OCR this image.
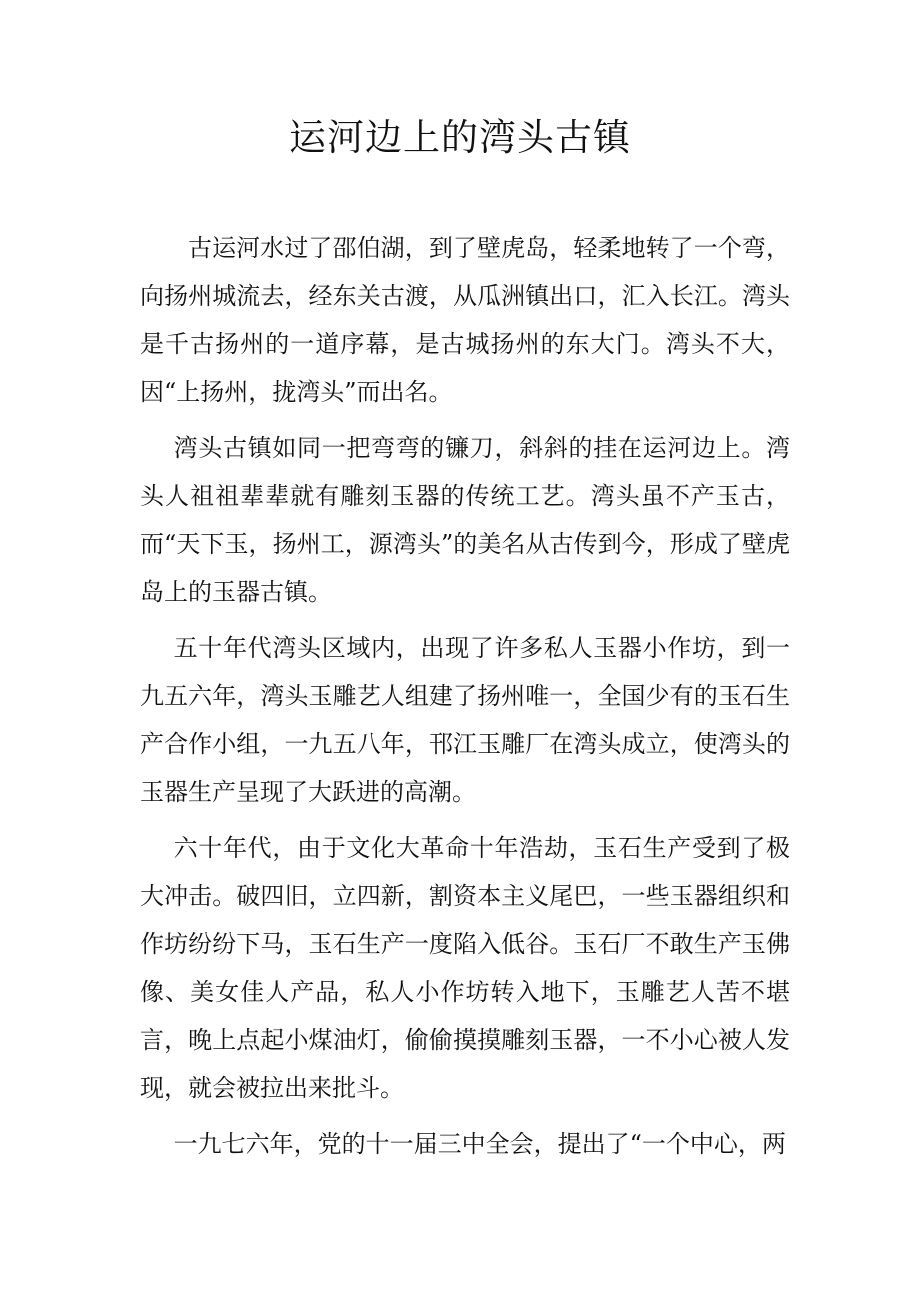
运河边上的湾头古镇

古运河水过了邵伯湖，到了壁虎岛，轻柔地转了一个弯，向扬州城流去，经东关古渡，从瓜洲镇出口，汇入长江。湾头是千古扬州的一道序幕，是古城扬州的东大门。湾头不大，因“上扬州，拢湾头”而出名。

湾头古镇如同一把弯弯的镰刀，斜斜的挂在运河边上。湾头人祖祖辈辈就有雕刻玉器的传统工艺。湾头虽不产玉古，而“天下玉，扬州工，源湾头”的美名从古传到今，形成了壁虎岛上的玉器古镇。

五十年代湾头区域内，出现了许多私人玉器小作坊，到一九五六年，湾头玉雕艺人组建了扬州唯一，全国少有的玉石生产合作小组，一九五八年，邗江玉雕厂在湾头成立，使湾头的玉器生产呈现了大跃进的高潮。

六十年代，由于文化大革命十年浩劫，玉石生产受到了极大冲击。破四旧，立四新，割资本主义尾巴，一些玉器组织和作坊纷纷下马，玉石生产一度陷入低谷。玉石厂不敢生产玉佛像、美女佳人产品，私人小作坊转入地下，玉雕艺人苦不堪言，晚上点起小煤油灯，偷偷摸摸雕刻玉器，一不小心被人发现，就会被拉出来批斗。

一九七六年，党的十一届三中全会，提出了“一个中心，两
